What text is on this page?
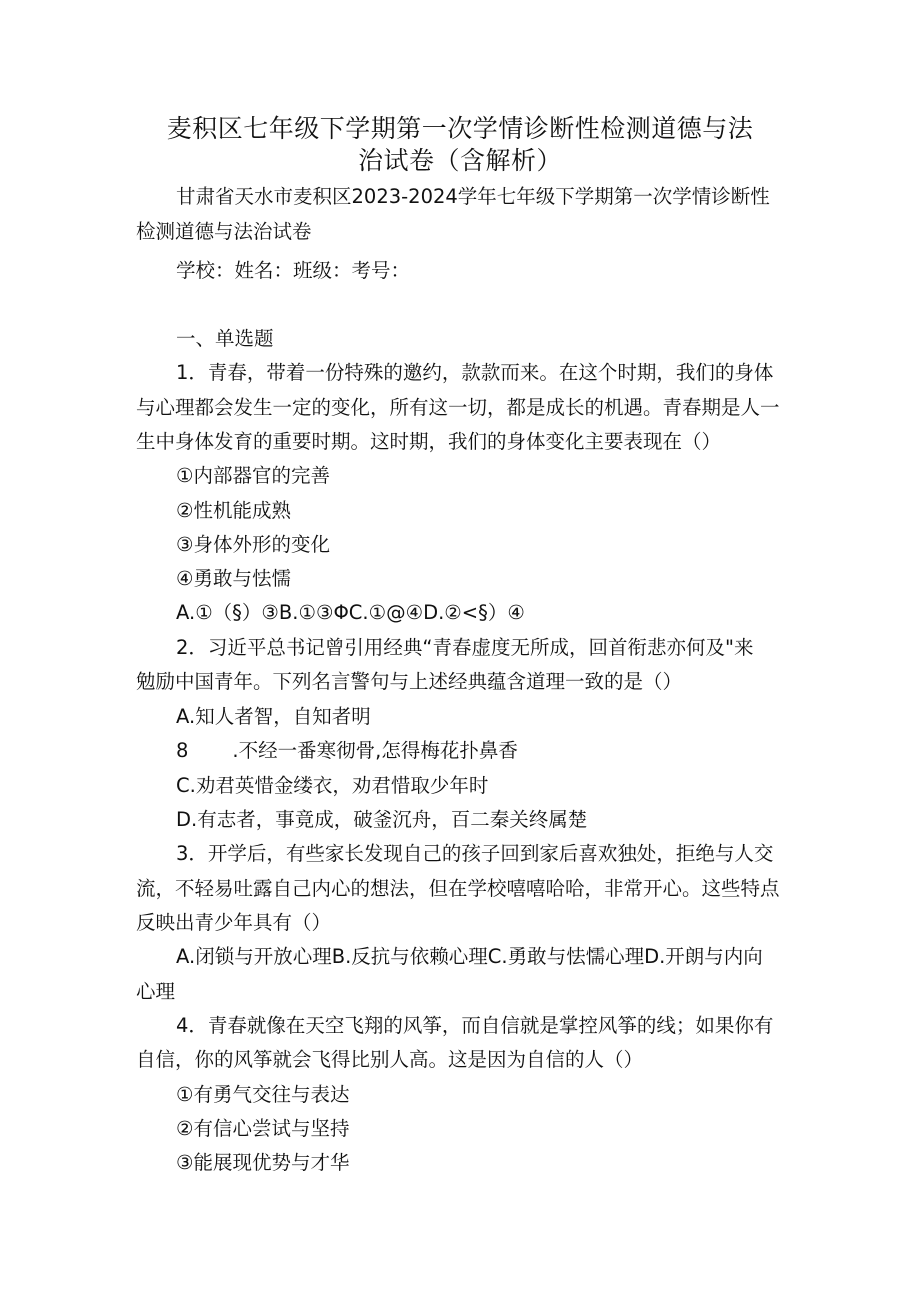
麦积区七年级下学期第一次学情诊断性检测道德与法
治试卷（含解析）
甘肃省天水市麦积区2023-2024学年七年级下学期第一次学情诊断性
检测道德与法治试卷
学校：姓名：班级：考号：
一、单选题
1．青春，带着一份特殊的邀约，款款而来。在这个时期，我们的身体
与心理都会发生一定的变化，所有这一切，都是成长的机遇。青春期是人一
生中身体发育的重要时期。这时期，我们的身体变化主要表现在（）
①内部器官的完善
②性机能成熟
③身体外形的变化
④勇敢与怯懦
A.①（§）③B.①③ΦC.①@④D.②<§）④
2．习近平总书记曾引用经典“青春虚度无所成，回首衔悲亦何及"来
勉励中国青年。下列名言警句与上述经典蕴含道理一致的是（）
A.知人者智，自知者明
8 .不经一番寒彻骨,怎得梅花扑鼻香
C.劝君英惜金缕衣，劝君惜取少年时
D.有志者，事竟成，破釜沉舟，百二秦关终属楚
3．开学后，有些家长发现自己的孩子回到家后喜欢独处，拒绝与人交
流，不轻易吐露自己内心的想法，但在学校嘻嘻哈哈，非常开心。这些特点
反映出青少年具有（）
A.闭锁与开放心理B.反抗与依赖心理C.勇敢与怯懦心理D.开朗与内向
心理
4．青春就像在天空飞翔的风筝，而自信就是掌控风筝的线；如果你有
自信，你的风筝就会飞得比别人高。这是因为自信的人（）
①有勇气交往与表达
②有信心尝试与坚持
③能展现优势与才华
